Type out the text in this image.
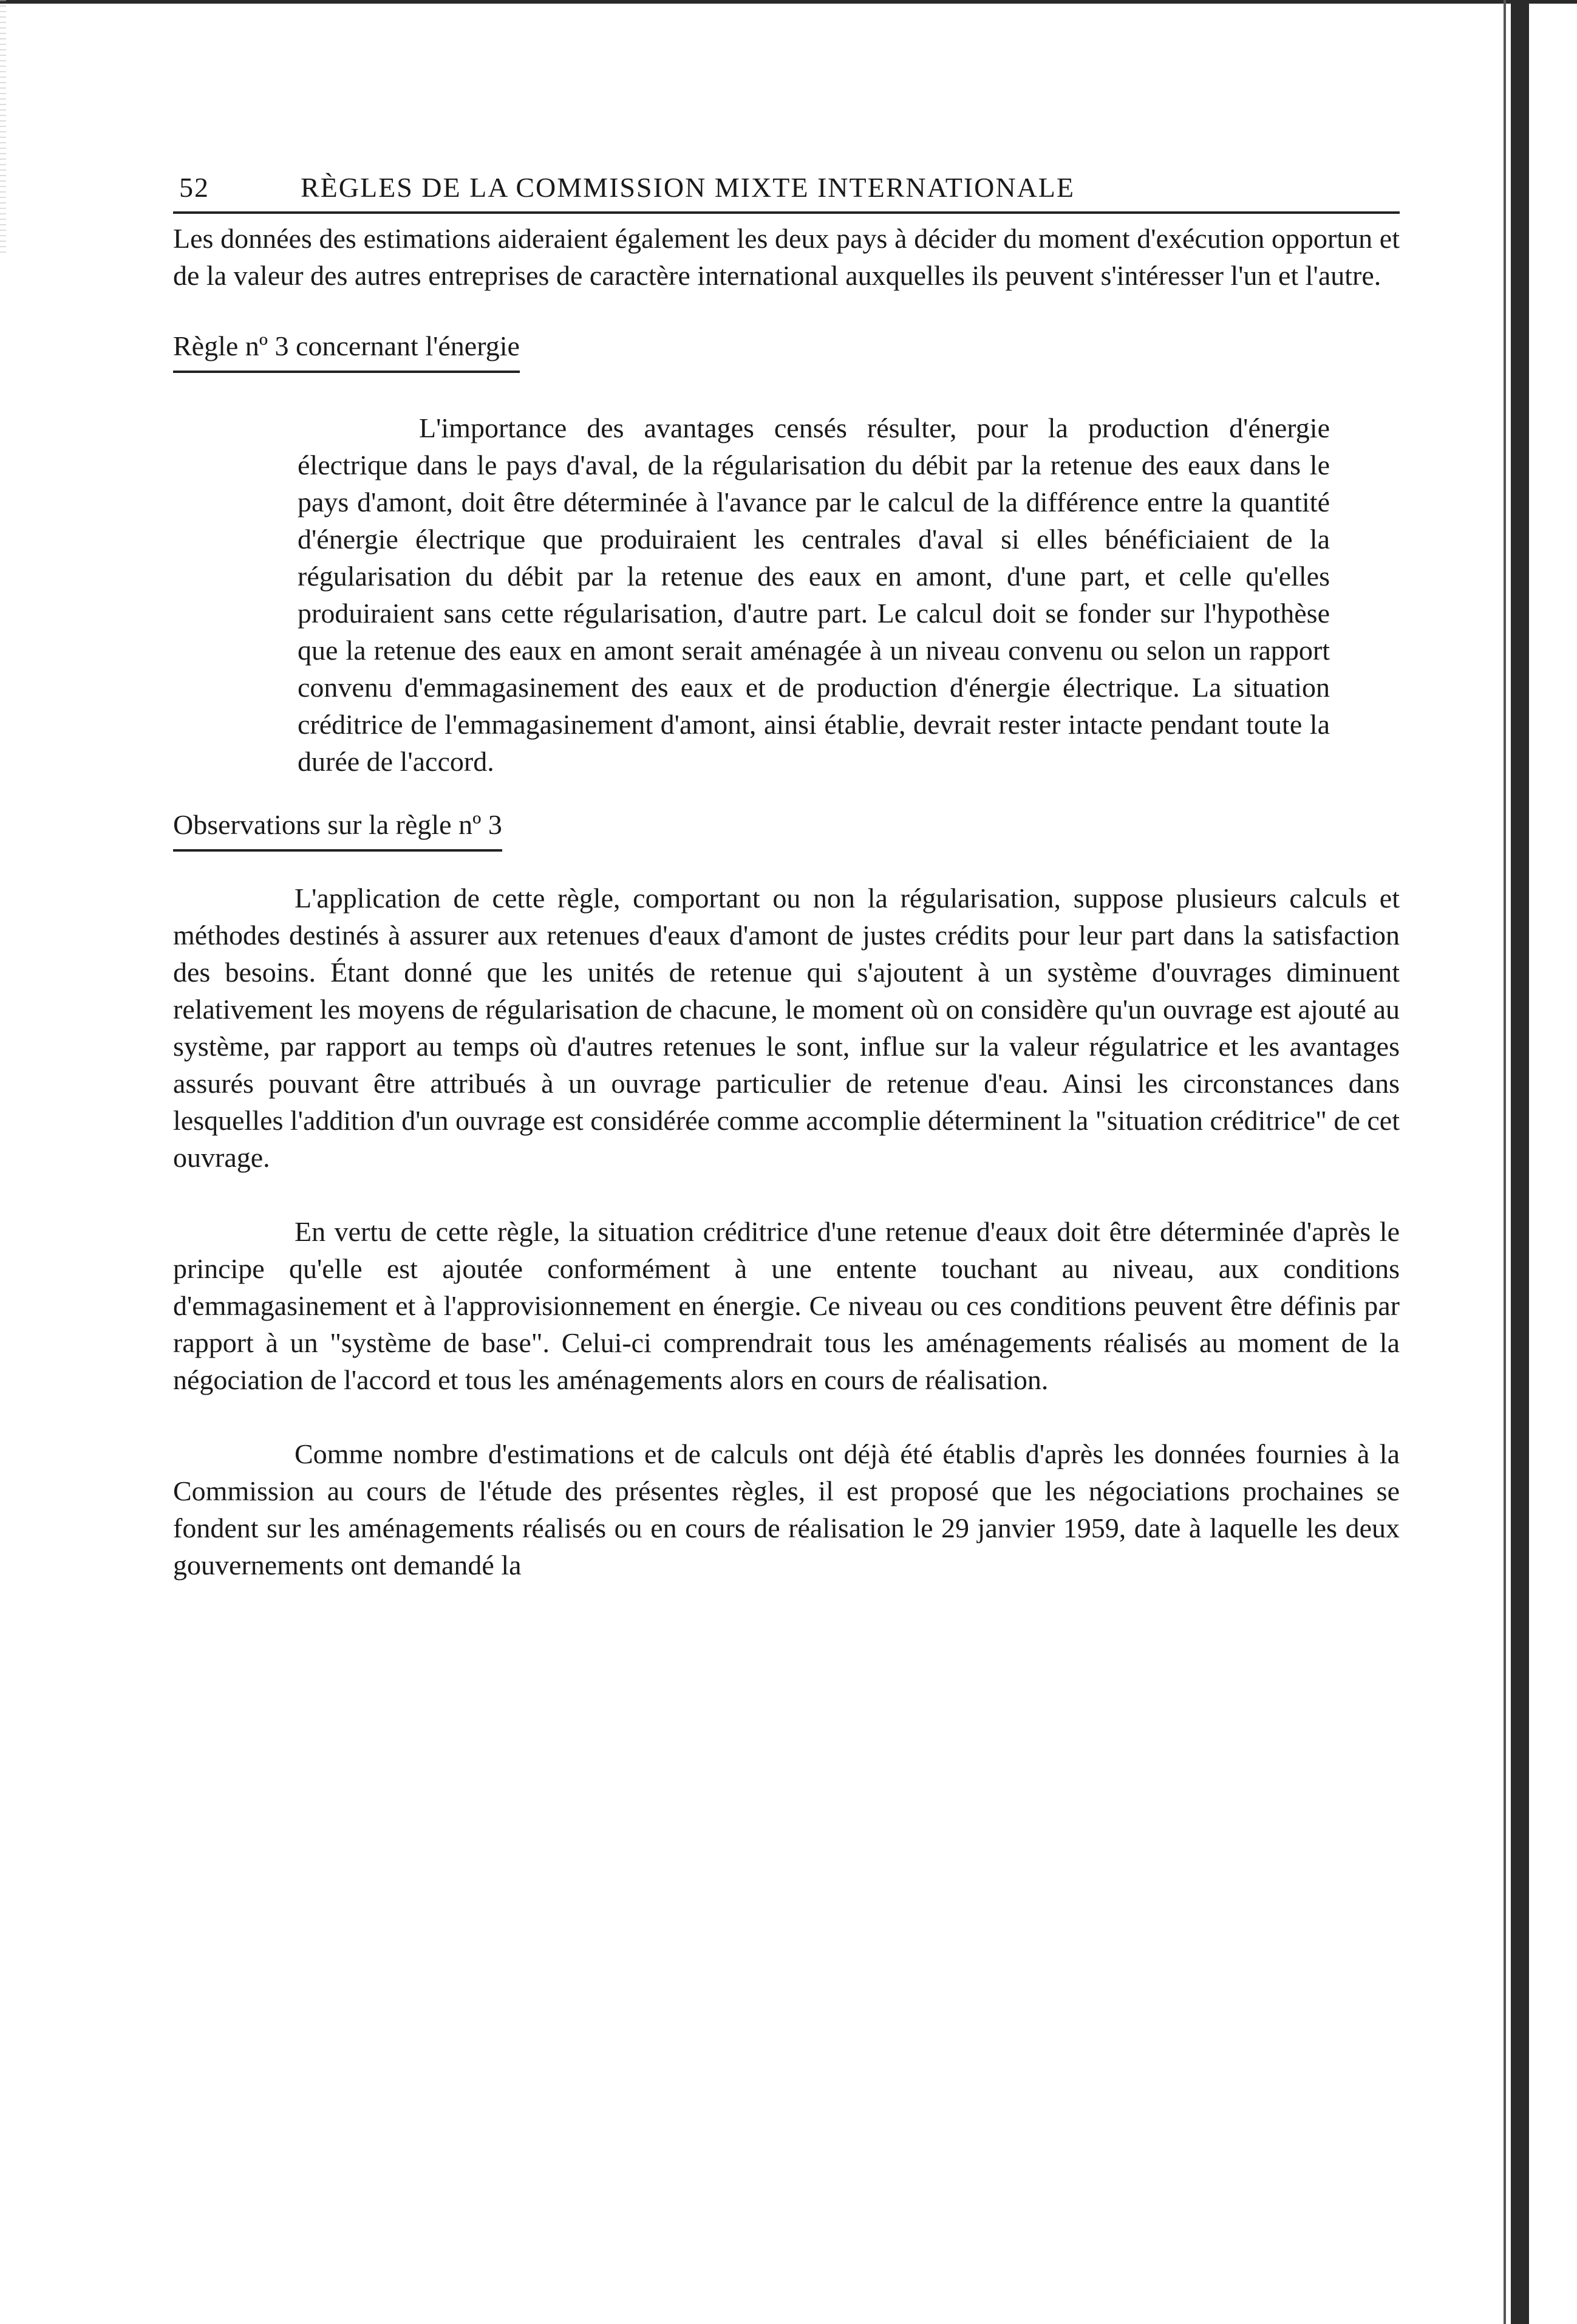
52	RÈGLES DE LA COMMISSION MIXTE INTERNATIONALE

Les données des estimations aideraient également les deux pays à décider du moment d'exécution opportun et de la valeur des autres entreprises de caractère international auxquelles ils peuvent s'intéresser l'un et l'autre.

Règle nº 3 concernant l'énergie

L'importance des avantages censés résulter, pour la production d'énergie électrique dans le pays d'aval, de la régularisation du débit par la retenue des eaux dans le pays d'amont, doit être déterminée à l'avance par le calcul de la différence entre la quantité d'énergie électrique que produiraient les centrales d'aval si elles bénéficiaient de la régularisation du débit par la retenue des eaux en amont, d'une part, et celle qu'elles produiraient sans cette régularisation, d'autre part. Le calcul doit se fonder sur l'hypothèse que la retenue des eaux en amont serait aménagée à un niveau convenu ou selon un rapport convenu d'emmagasinement des eaux et de production d'énergie électrique. La situation créditrice de l'emmagasinement d'amont, ainsi établie, devrait rester intacte pendant toute la durée de l'accord.

Observations sur la règle nº 3

L'application de cette règle, comportant ou non la régularisation, suppose plusieurs calculs et méthodes destinés à assurer aux retenues d'eaux d'amont de justes crédits pour leur part dans la satisfaction des besoins. Étant donné que les unités de retenue qui s'ajoutent à un système d'ouvrages diminuent relativement les moyens de régularisation de chacune, le moment où on considère qu'un ouvrage est ajouté au système, par rapport au temps où d'autres retenues le sont, influe sur la valeur régulatrice et les avantages assurés pouvant être attribués à un ouvrage particulier de retenue d'eau. Ainsi les circonstances dans lesquelles l'addition d'un ouvrage est considérée comme accomplie déterminent la "situation créditrice" de cet ouvrage.

En vertu de cette règle, la situation créditrice d'une retenue d'eaux doit être déterminée d'après le principe qu'elle est ajoutée conformément à une entente touchant au niveau, aux conditions d'emmagasinement et à l'approvisionnement en énergie. Ce niveau ou ces conditions peuvent être définis par rapport à un "système de base". Celui-ci comprendrait tous les aménagements réalisés au moment de la négociation de l'accord et tous les aménagements alors en cours de réalisation.

Comme nombre d'estimations et de calculs ont déjà été établis d'après les données fournies à la Commission au cours de l'étude des présentes règles, il est proposé que les négociations prochaines se fondent sur les aménagements réalisés ou en cours de réalisation le 29 janvier 1959, date à laquelle les deux gouvernements ont demandé la
